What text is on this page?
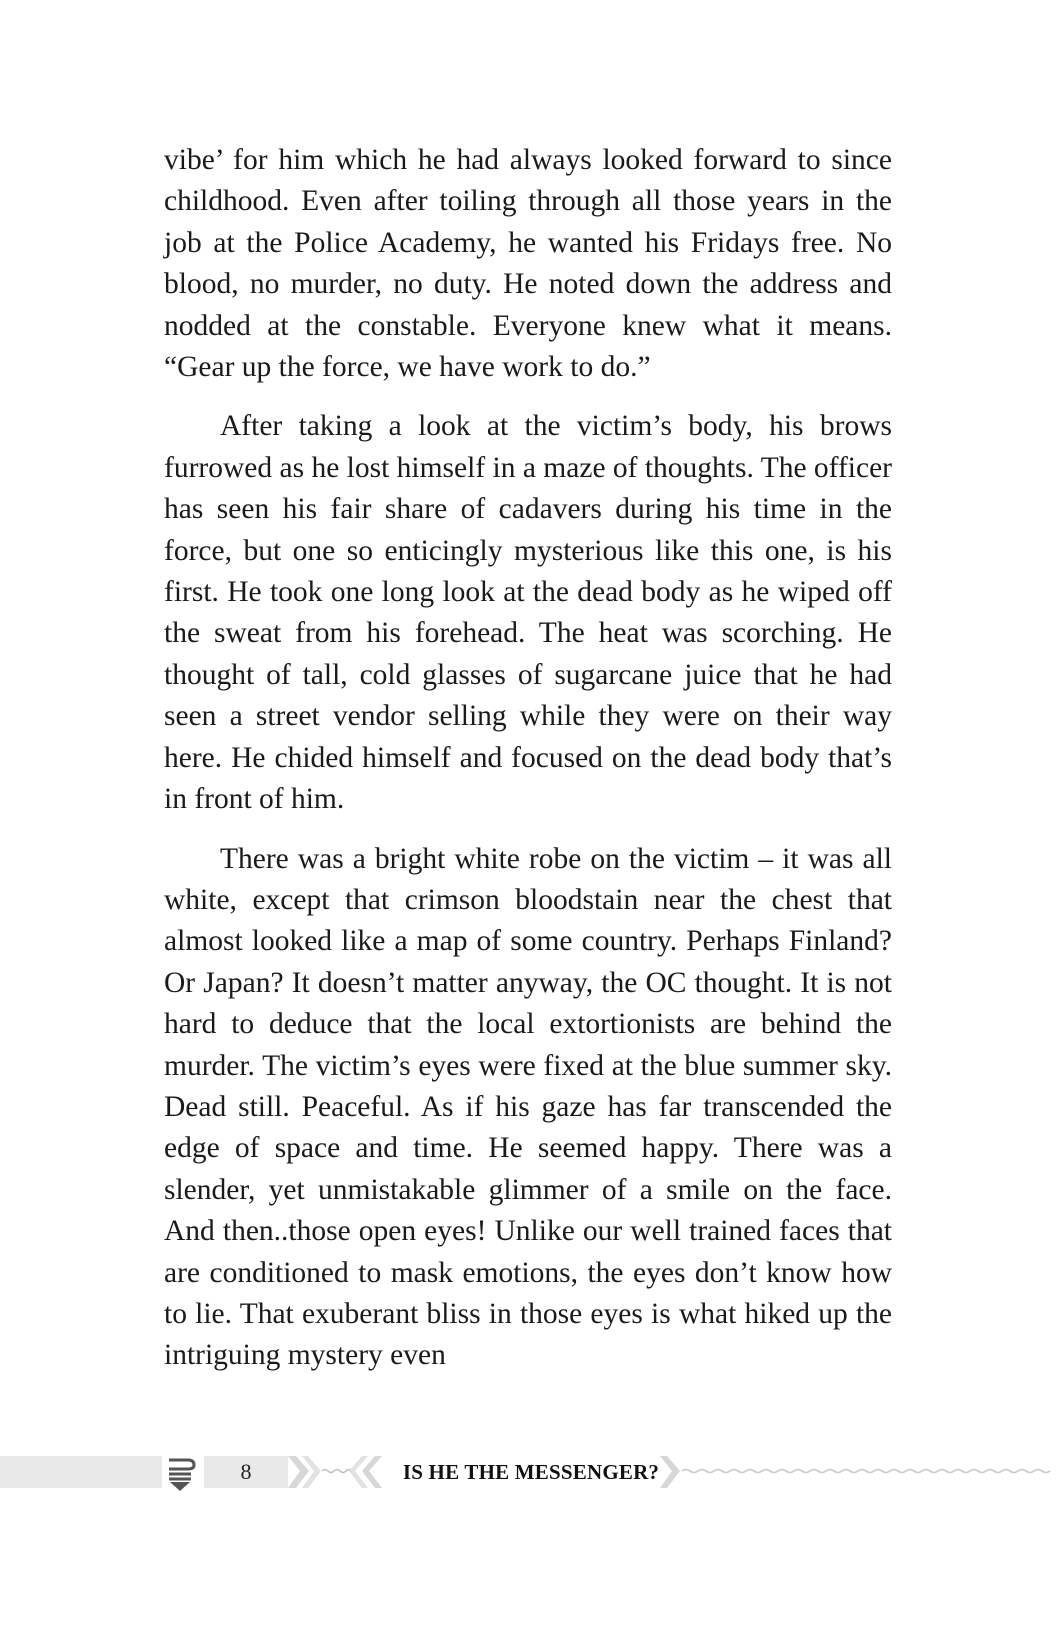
vibe’ for him which he had always looked forward to since childhood. Even after toiling through all those years in the job at the Police Academy, he wanted his Fridays free. No blood, no murder, no duty. He noted down the address and nodded at the constable. Everyone knew what it means. “Gear up the force, we have work to do.”

After taking a look at the victim’s body, his brows furrowed as he lost himself in a maze of thoughts. The officer has seen his fair share of cadavers during his time in the force, but one so enticingly mysterious like this one, is his first. He took one long look at the dead body as he wiped off the sweat from his forehead. The heat was scorching. He thought of tall, cold glasses of sugarcane juice that he had seen a street vendor selling while they were on their way here. He chided himself and focused on the dead body that’s in front of him.

There was a bright white robe on the victim – it was all white, except that crimson bloodstain near the chest that almost looked like a map of some country. Perhaps Finland? Or Japan? It doesn’t matter anyway, the OC thought. It is not hard to deduce that the local extortionists are behind the murder. The victim’s eyes were fixed at the blue summer sky. Dead still. Peaceful. As if his gaze has far transcended the edge of space and time. He seemed happy. There was a slender, yet unmistakable glimmer of a smile on the face. And then..those open eyes! Unlike our well trained faces that are conditioned to mask emotions, the eyes don’t know how to lie. That exuberant bliss in those eyes is what hiked up the intriguing mystery even

8	IS HE THE MESSENGER?
